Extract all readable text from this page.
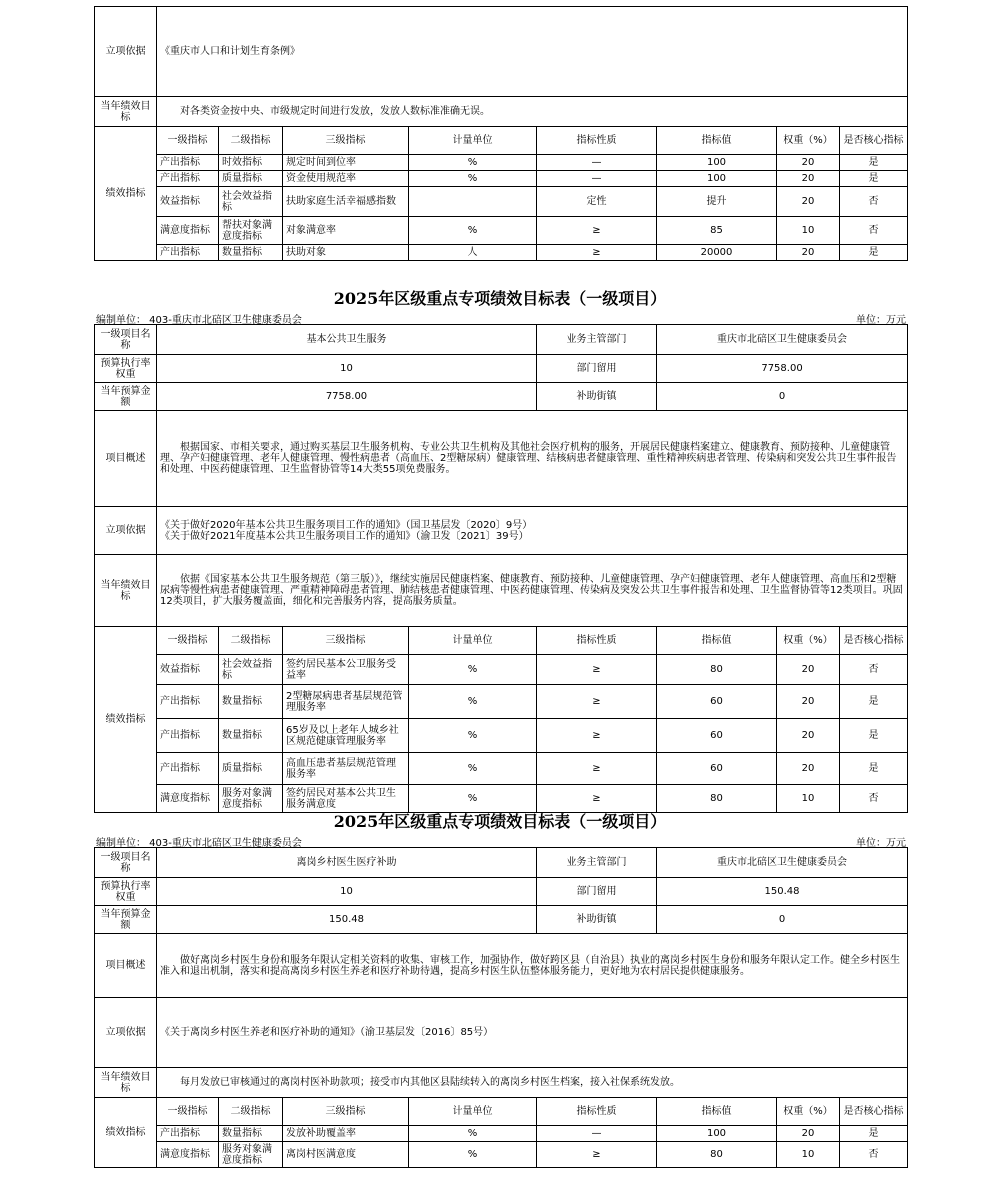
立项依据	《重庆市人口和计划生育条例》							
当年绩效目标	对各类资金按中央、市级规定时间进行发放，发放人数标准准确无误。							
绩效指标	一级指标	二级指标	三级指标	计量单位	指标性质	指标值	权重（%）	是否核心指标
	产出指标	时效指标	规定时间到位率	%	—	100	20	是
	产出指标	质量指标	资金使用规范率	%	—	100	20	是
	效益指标	社会效益指标	扶助家庭生活幸福感指数		定性	提升	20	否
	满意度指标	帮扶对象满意度指标	对象满意率	%	≥	85	10	否
	产出指标	数量指标	扶助对象	人	≥	20000	20	是
2025年区级重点专项绩效目标表（一级项目）
编制单位： 403-重庆市北碚区卫生健康委员会	单位：万元
一级项目名称	基本公共卫生服务				业务主管部门	重庆市北碚区卫生健康委员会		
预算执行率权重	10				部门留用	7758.00		
当年预算金额	7758.00				补助街镇	0		
项目概述	根据国家、市相关要求，通过购买基层卫生服务机构、专业公共卫生机构及其他社会医疗机构的服务，开展居民健康档案建立、健康教育、预防接种、儿童健康管理、孕产妇健康管理、老年人健康管理、慢性病患者（高血压、2型糖尿病）健康管理、结核病患者健康管理、重性精神疾病患者管理、传染病和突发公共卫生事件报告和处理、中医药健康管理、卫生监督协管等14大类55项免费服务。							
立项依据	《关于做好2020年基本公共卫生服务项目工作的通知》（国卫基层发〔2020〕9号）
《关于做好2021年度基本公共卫生服务项目工作的通知》（渝卫发〔2021〕39号）							

当年绩效目标	依据《国家基本公共卫生服务规范（第三版）》，继续实施居民健康档案、健康教育、预防接种、儿童健康管理、孕产妇健康管理、老年人健康管理、高血压和2型糖尿病等慢性病患者健康管理、严重精神障碍患者管理、肺结核患者健康管理、中医药健康管理、传染病及突发公共卫生事件报告和处理、卫生监督协管等12类项目。巩固12类项目，扩大服务覆盖面，细化和完善服务内容，提高服务质量。							
绩效指标	一级指标	二级指标	三级指标	计量单位	指标性质	指标值	权重（%）	是否核心指标
	效益指标	社会效益指标	签约居民基本公卫服务受益率	%	≥	80	20	否
	产出指标	数量指标	2型糖尿病患者基层规范管理服务率	%	≥	60	20	是
	产出指标	数量指标	65岁及以上老年人城乡社区规范健康管理服务率	%	≥	60	20	是
	产出指标	质量指标	高血压患者基层规范管理服务率	%	≥	60	20	是
	满意度指标	服务对象满意度指标	签约居民对基本公共卫生服务满意度	%	≥	80	10	否
2025年区级重点专项绩效目标表（一级项目）
编制单位： 403-重庆市北碚区卫生健康委员会	单位：万元
一级项目名称	离岗乡村医生医疗补助				业务主管部门	重庆市北碚区卫生健康委员会		
预算执行率权重	10				部门留用	150.48		
当年预算金额	150.48				补助街镇	0		
项目概述	做好离岗乡村医生身份和服务年限认定相关资料的收集、审核工作，加强协作，做好跨区县（自治县）执业的离岗乡村医生身份和服务年限认定工作。健全乡村医生准入和退出机制，落实和提高离岗乡村医生养老和医疗补助待遇，提高乡村医生队伍整体服务能力，更好地为农村居民提供健康服务。							
立项依据	《关于离岗乡村医生养老和医疗补助的通知》（渝卫基层发〔2016〕85号）							
当年绩效目标	每月发放已审核通过的离岗村医补助款项；接受市内其他区县陆续转入的离岗乡村医生档案，接入社保系统发放。							
绩效指标	一级指标	二级指标	三级指标	计量单位	指标性质	指标值	权重（%）	是否核心指标
	产出指标	数量指标	发放补助覆盖率	%	—	100	20	是
	满意度指标	服务对象满意度指标	离岗村医满意度	%	≥	80	10	否
